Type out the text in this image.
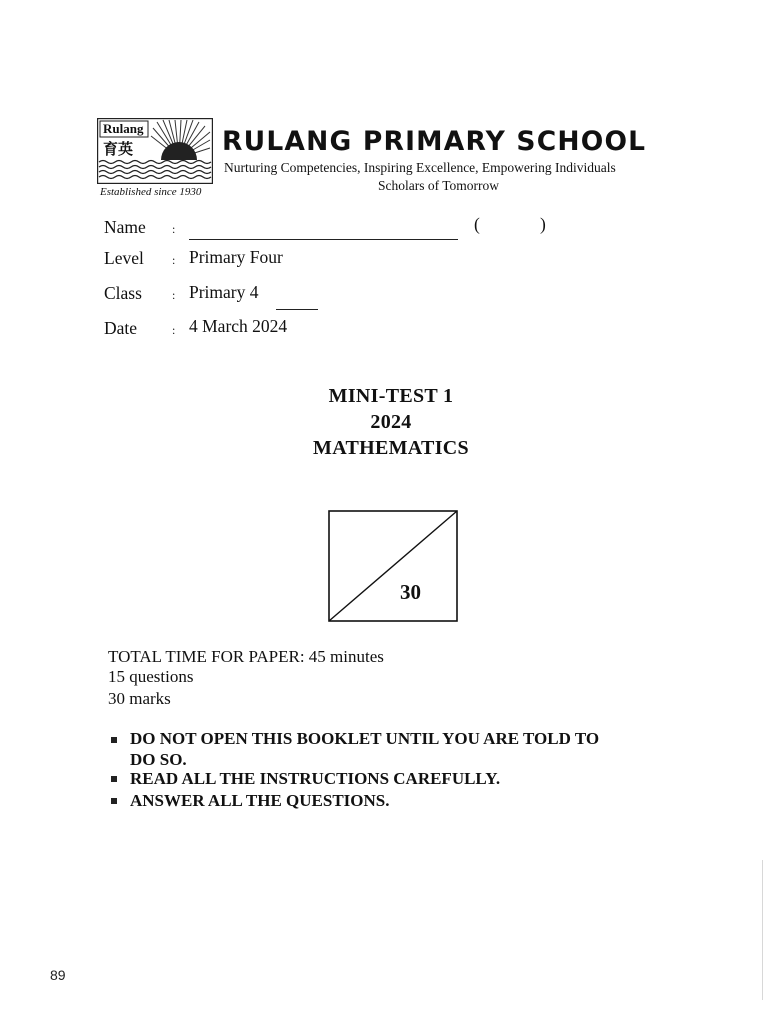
Rulang
育英	RULANG PRIMARY SCHOOL
Nurturing Competencies, Inspiring Excellence, Empowering Individuals
Scholars of Tomorrow
Established since 1930
Name :	(	)
Level : Primary Four
Class	: Primary 4
Date	: 4 March 2024
MINI-TEST 1
2024
MATHEMATICS
30
TOTAL TIME FOR PAPER: 45 minutes
15 questions
30 marks
DO NOT OPEN THIS BOOKLET UNTIL YOU ARE TOLD TO
DO SO.
READ ALL THE INSTRUCTIONS CAREFULLY.
ANSWER ALL THE QUESTIONS.
89
